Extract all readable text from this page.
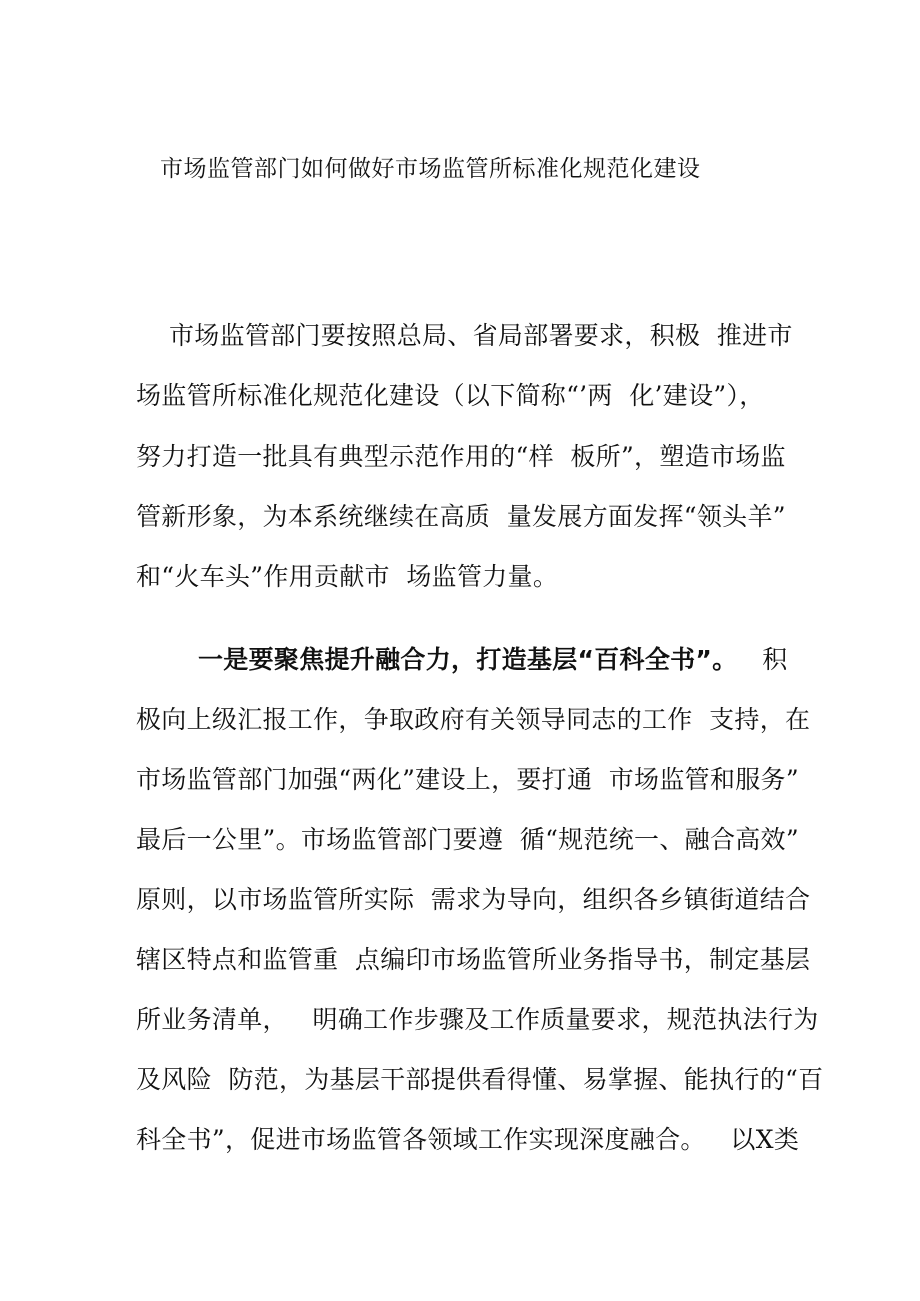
市场监管部门如何做好市场监管所标准化规范化建设
市场监管部门要按照总局、省局部署要求，积极  推进市
场监管所标准化规范化建设（以下简称“’两  化’建设”），
努力打造一批具有典型示范作用的“样  板所”，塑造市场监
管新形象，为本系统继续在高质  量发展方面发挥“领头羊”
和“火车头”作用贡献市  场监管力量。
一是要聚焦提升融合力，打造基层“百科全书”。   积
极向上级汇报工作，争取政府有关领导同志的工作  支持，在
市场监管部门加强“两化”建设上，要打通  市场监管和服务”
最后一公里”。市场监管部门要遵  循“规范统一、融合高效”
原则，以市场监管所实际  需求为导向，组织各乡镇街道结合
辖区特点和监管重  点编印市场监管所业务指导书，制定基层
所业务清单，   明确工作步骤及工作质量要求，规范执法行为
及风险  防范，为基层干部提供看得懂、易掌握、能执行的“百
科全书”，促进市场监管各领域工作实现深度融合。   以X类
